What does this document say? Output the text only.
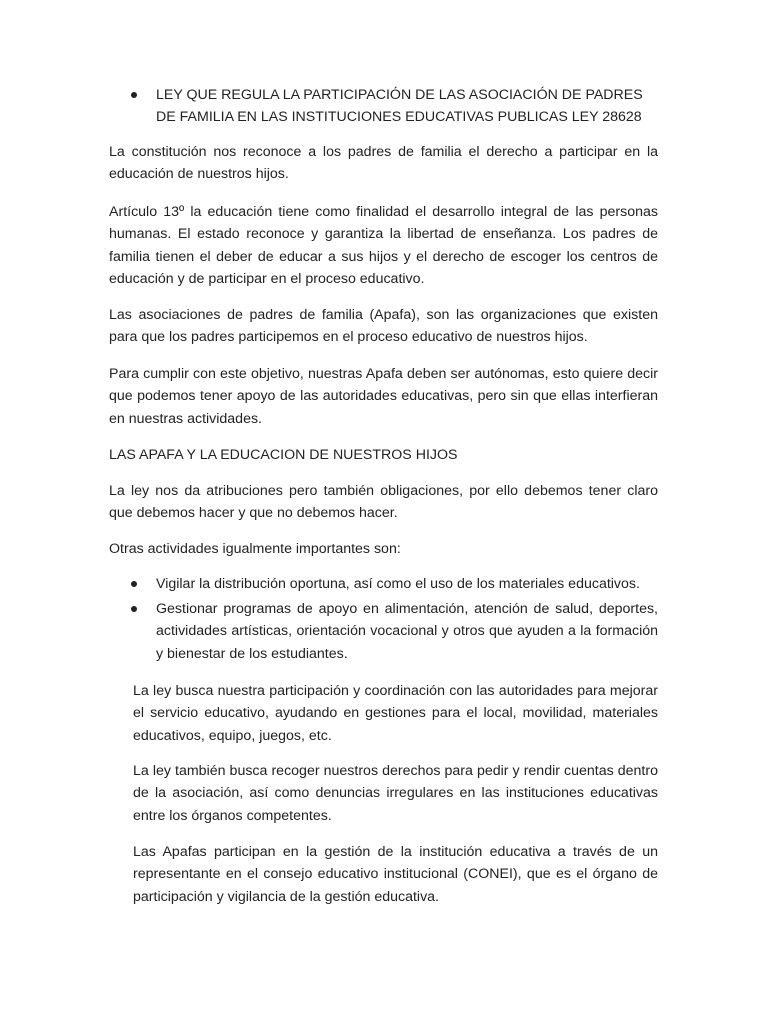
LEY QUE REGULA LA PARTICIPACIÓN DE LAS ASOCIACIÓN DE PADRES DE FAMILIA EN LAS INSTITUCIONES EDUCATIVAS PUBLICAS LEY 28628

La constitución nos reconoce a los padres de familia el derecho a participar en la educación de nuestros hijos.

Artículo 13º la educación tiene como finalidad el desarrollo integral de las personas humanas. El estado reconoce y garantiza la libertad de enseñanza. Los padres de familia tienen el deber de educar a sus hijos y el derecho de escoger los centros de educación y de participar en el proceso educativo.

Las asociaciones de padres de familia (Apafa), son las organizaciones que existen para que los padres participemos en el proceso educativo de nuestros hijos.

Para cumplir con este objetivo, nuestras Apafa deben ser autónomas, esto quiere decir que podemos tener apoyo de las autoridades educativas, pero sin que ellas interfieran en nuestras actividades.

LAS APAFA Y LA EDUCACION DE NUESTROS HIJOS

La ley nos da atribuciones pero también obligaciones, por ello debemos tener claro que debemos hacer y que no debemos hacer.

Otras actividades igualmente importantes son:

Vigilar la distribución oportuna, así como el uso de los materiales educativos.

Gestionar programas de apoyo en alimentación, atención de salud, deportes, actividades artísticas, orientación vocacional y otros que ayuden a la formación y bienestar de los estudiantes.

La ley busca nuestra participación y coordinación con las autoridades para mejorar el servicio educativo, ayudando en gestiones para el local, movilidad, materiales educativos, equipo, juegos, etc.

La ley también busca recoger nuestros derechos para pedir y rendir cuentas dentro de la asociación, así como denuncias irregulares en las instituciones educativas entre los órganos competentes.

Las Apafas participan en la gestión de la institución educativa a través de un representante en el consejo educativo institucional (CONEI), que es el órgano de participación y vigilancia de la gestión educativa.
